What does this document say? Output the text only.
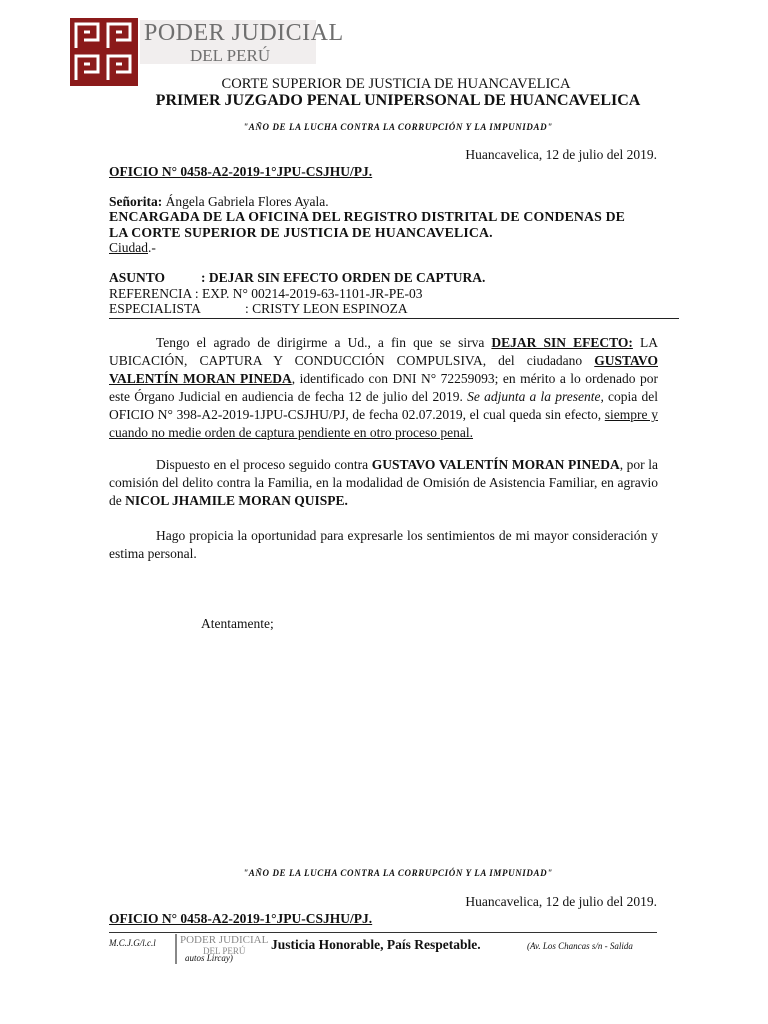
PODER JUDICIAL
DEL PERÚ
CORTE SUPERIOR DE JUSTICIA DE HUANCAVELICA
PRIMER JUZGADO PENAL UNIPERSONAL DE HUANCAVELICA
"AÑO DE LA LUCHA CONTRA LA CORRUPCIÓN Y LA IMPUNIDAD"
Huancavelica, 12 de julio del 2019.
OFICIO N° 0458-A2-2019-1°JPU-CSJHU/PJ.
Señorita: Ángela Gabriela Flores Ayala.
ENCARGADA DE LA OFICINA DEL REGISTRO DISTRITAL DE CONDENAS DE
LA CORTE SUPERIOR DE JUSTICIA DE HUANCAVELICA.
Ciudad.-
ASUNTO	: DEJAR SIN EFECTO ORDEN DE CAPTURA.
REFERENCIA : EXP. N° 00214-2019-63-1101-JR-PE-03
ESPECIALISTA	: CRISTY LEON ESPINOZA

Tengo el agrado de dirigirme a Ud., a fin que se sirva DEJAR SIN EFECTO: LA UBICACIÓN, CAPTURA Y CONDUCCIÓN COMPULSIVA, del ciudadano GUSTAVO VALENTÍN MORAN PINEDA, identificado con DNI N° 72259093; en mérito a lo ordenado por este Órgano Judicial en audiencia de fecha 12 de julio del 2019. Se adjunta a la presente, copia del OFICIO N° 398-A2-2019-1JPU-CSJHU/PJ, de fecha 02.07.2019, el cual queda sin efecto, siempre y cuando no medie orden de captura pendiente en otro proceso penal.

Dispuesto en el proceso seguido contra GUSTAVO VALENTÍN MORAN PINEDA, por la comisión del delito contra la Familia, en la modalidad de Omisión de Asistencia Familiar, en agravio de NICOL JHAMILE MORAN QUISPE.

Hago propicia la oportunidad para expresarle los sentimientos de mi mayor consideración y estima personal.

Atentamente;
"AÑO DE LA LUCHA CONTRA LA CORRUPCIÓN Y LA IMPUNIDAD"
Huancavelica, 12 de julio del 2019.
OFICIO N° 0458-A2-2019-1°JPU-CSJHU/PJ.
M.C.J.G/l.c.l PODER JUDICIAL
DEL PERÚ Justicia Honorable, País Respetable.	(Av. Los Chancas s/n - Salida
autos Lircay)
